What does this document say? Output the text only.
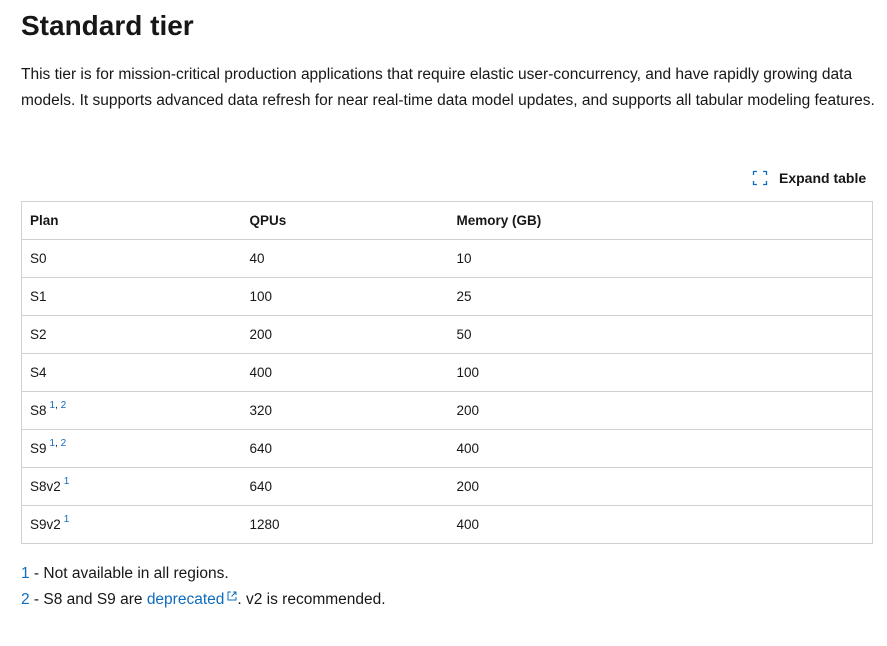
Standard tier

This tier is for mission-critical production applications that require elastic user-concurrency, and have rapidly growing data models. It supports advanced data refresh for near real-time data model updates, and supports all tabular modeling features.

Expand table
Plan	QPUs	Memory (GB)
S0	40	10
S1	100	25
S2	200	50
S4	400	100
S8 $^{1, 2}$	320	200
S9 $^{1, 2}$	640	400
S8v2 $^1$	640	200
S9v2 $^1$	1280	400
1 - Not available in all regions.
2 - S8 and S9 are deprecated . v2 is recommended.
